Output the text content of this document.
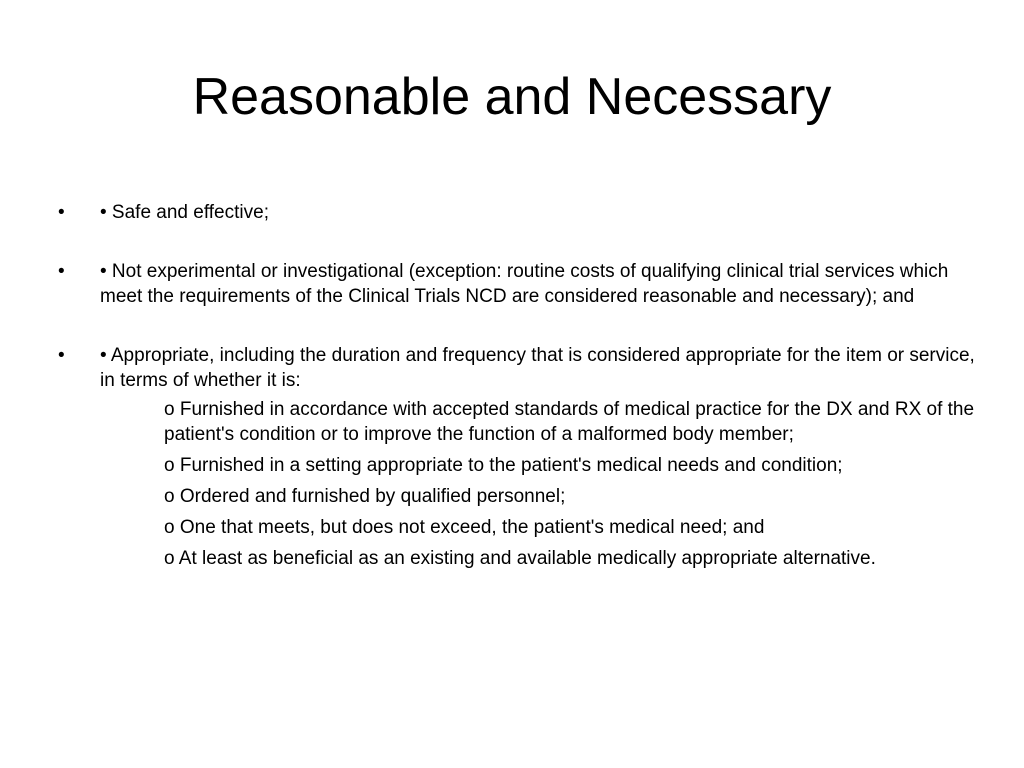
Reasonable and Necessary
• • Safe and effective;
• • Not experimental or investigational (exception: routine costs of qualifying clinical trial services which meet the requirements of the Clinical Trials NCD are considered reasonable and necessary); and
• • Appropriate, including the duration and frequency that is considered appropriate for the item or service, in terms of whether it is:
o Furnished in accordance with accepted standards of medical practice for the DX and RX of the patient's condition or to improve the function of a malformed body member;
o Furnished in a setting appropriate to the patient's medical needs and condition;
o Ordered and furnished by qualified personnel;
o One that meets, but does not exceed, the patient's medical need; and
o At least as beneficial as an existing and available medically appropriate alternative.
